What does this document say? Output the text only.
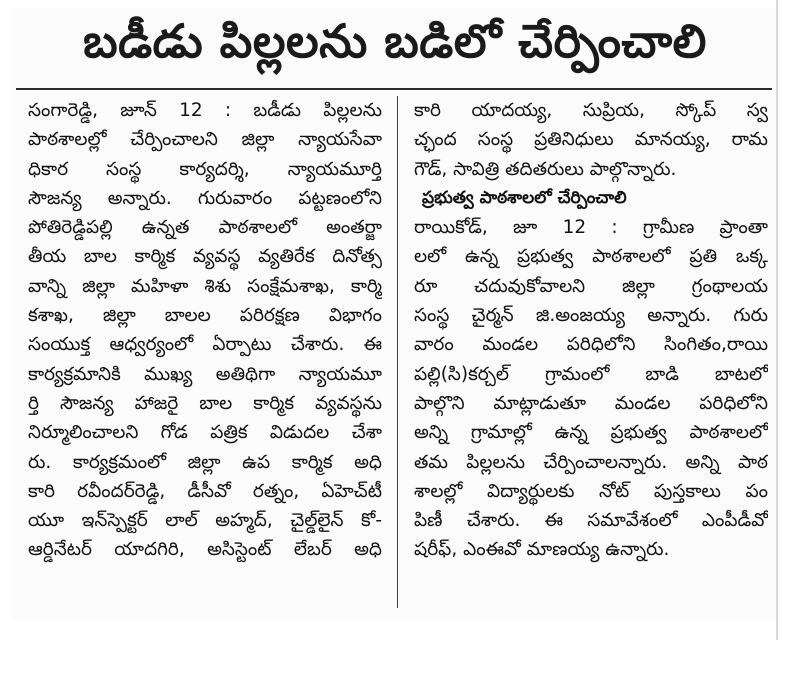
బడీడు పిల్లలను బడిలో చేర్పించాలి
సంగారెడ్డి, జూన్ 12 : బడీడు పిల్లలను
పాఠశాలల్లో చేర్పించాలని జిల్లా న్యాయసేవా
ధికార సంస్థ కార్యదర్శి, న్యాయమూర్తి
సౌజన్య అన్నారు. గురువారం పట్టణంలోని
పోతిరెడ్డిపల్లి ఉన్నత పాఠశాలలో అంతర్జా
తీయ బాల కార్మిక వ్యవస్థ వ్యతిరేక దినోత్స
వాన్ని జిల్లా మహిళా శిశు సంక్షేమశాఖ, కార్మి
కశాఖ, జిల్లా బాలల పరిరక్షణ విభాగం
సంయుక్త ఆధ్వర్యంలో ఏర్పాటు చేశారు. ఈ
కార్యక్రమానికి ముఖ్య అతిథిగా న్యాయమూ
ర్తి సౌజన్య హాజరై బాల కార్మిక వ్యవస్థను
నిర్మూలించాలని గోడ పత్రిక విడుదల చేశా
రు. కార్యక్రమంలో జిల్లా ఉప కార్మిక అధి
కారి రవీందర్‌రెడ్డి, డీసీవో రత్నం, ఏహెచ్‌టీ
యూ ఇన్‌స్పెక్టర్ లాల్ అహ్మద్, చైల్డ్‌లైన్ కో-
ఆర్డినేటర్ యాదగిరి, అసిస్టెంట్ లేబర్ అధి
కారి యాదయ్య, సుప్రియ, స్కోప్ స్వ
చ్ఛంద సంస్థ ప్రతినిధులు మానయ్య, రామ
గౌడ్, సావిత్రి తదితరులు పాల్గొన్నారు.
ప్రభుత్వ పాఠశాలలో చేర్పించాలి
రాయికోడ్, జూ 12 : గ్రామీణ ప్రాంతా
లలో ఉన్న ప్రభుత్వ పాఠశాలలో ప్రతి ఒక్క
రూ చదువుకోవాలని జిల్లా గ్రంథాలయ
సంస్థ చైర్మన్ జి.అంజయ్య అన్నారు. గురు
వారం మండల పరిధిలోని సింగితం,రాయి
పల్లి(సి)కర్చల్ గ్రామంలో బాడి బాటలో
పాల్గొని మాట్లాడుతూ మండల పరిధిలోని
అన్ని గ్రామాల్లో ఉన్న ప్రభుత్వ పాఠశాలలో
తమ పిల్లలను చేర్పించాలన్నారు. అన్ని పాఠ
శాలల్లో విద్యార్థులకు నోట్ పుస్తకాలు పం
పిణీ చేశారు. ఈ సమావేశంలో ఎంపీడీవో
షరీఫ్, ఎంఈవో మాణయ్య ఉన్నారు.
